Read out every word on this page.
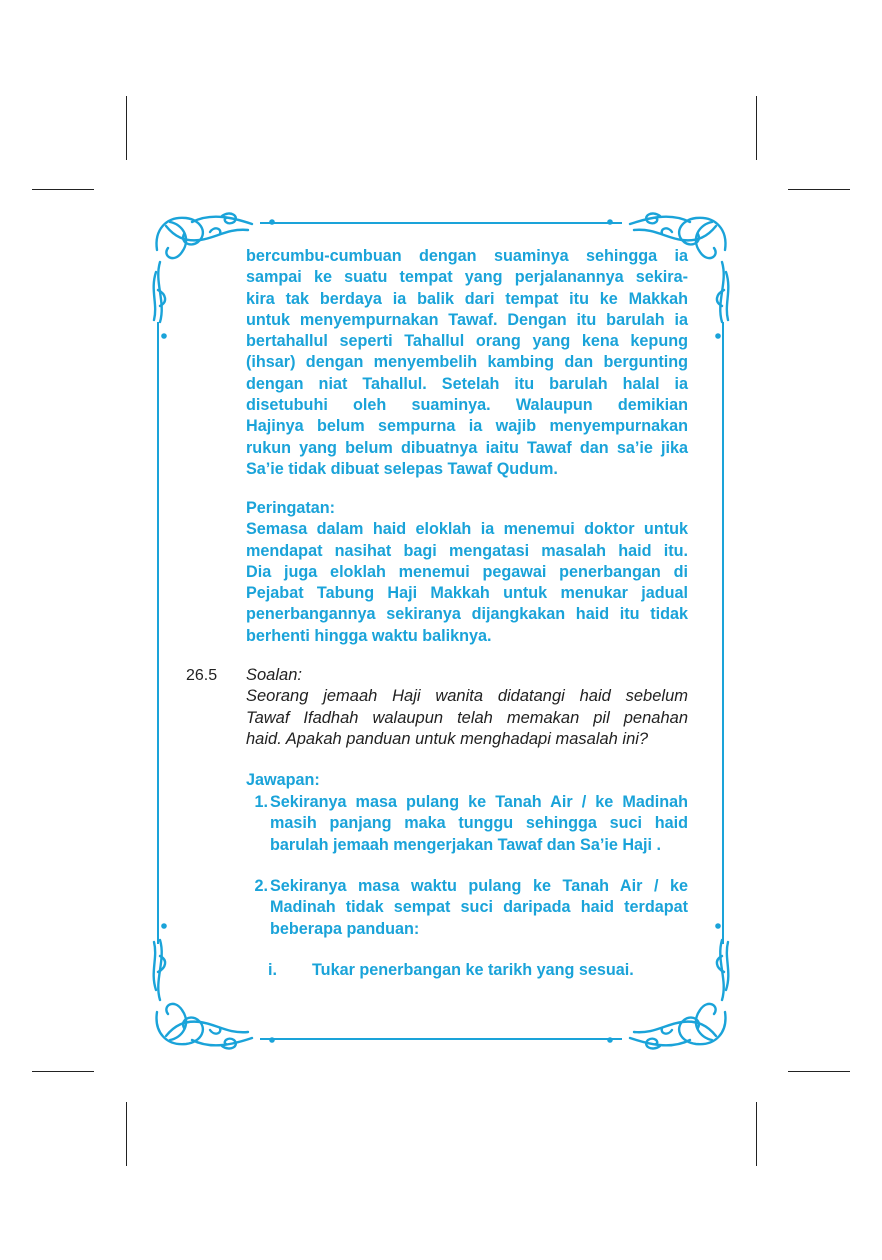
bercumbu-cumbuan dengan suaminya sehingga ia
sampai ke suatu tempat yang perjalanannya sekira-
kira tak berdaya ia balik dari tempat itu ke Makkah
untuk menyempurnakan Tawaf. Dengan itu barulah ia
bertahallul seperti Tahallul orang yang kena kepung
(ihsar) dengan menyembelih kambing dan bergunting
dengan niat Tahallul. Setelah itu barulah halal ia
disetubuhi oleh suaminya. Walaupun demikian
Hajinya belum sempurna ia wajib menyempurnakan
rukun yang belum dibuatnya iaitu Tawaf dan sa’ie jika
Sa’ie tidak dibuat selepas Tawaf Qudum.

Peringatan:

Semasa dalam haid eloklah ia menemui doktor untuk
mendapat nasihat bagi mengatasi masalah haid itu.
Dia juga eloklah menemui pegawai penerbangan di
Pejabat Tabung Haji Makkah untuk menukar jadual
penerbangannya sekiranya dijangkakan haid itu tidak
berhenti hingga waktu baliknya.

26.5 Soalan:

Seorang jemaah Haji wanita didatangi haid sebelum
Tawaf Ifadhah walaupun telah memakan pil penahan
haid. Apakah panduan untuk menghadapi masalah ini?

Jawapan:

1. Sekiranya masa pulang ke Tanah Air / ke Madinah
masih panjang maka tunggu sehingga suci haid
barulah jemaah mengerjakan Tawaf dan Sa’ie Haji .

2. Sekiranya masa waktu pulang ke Tanah Air / ke
Madinah tidak sempat suci daripada haid terdapat
beberapa panduan:

i. Tukar penerbangan ke tarikh yang sesuai.
